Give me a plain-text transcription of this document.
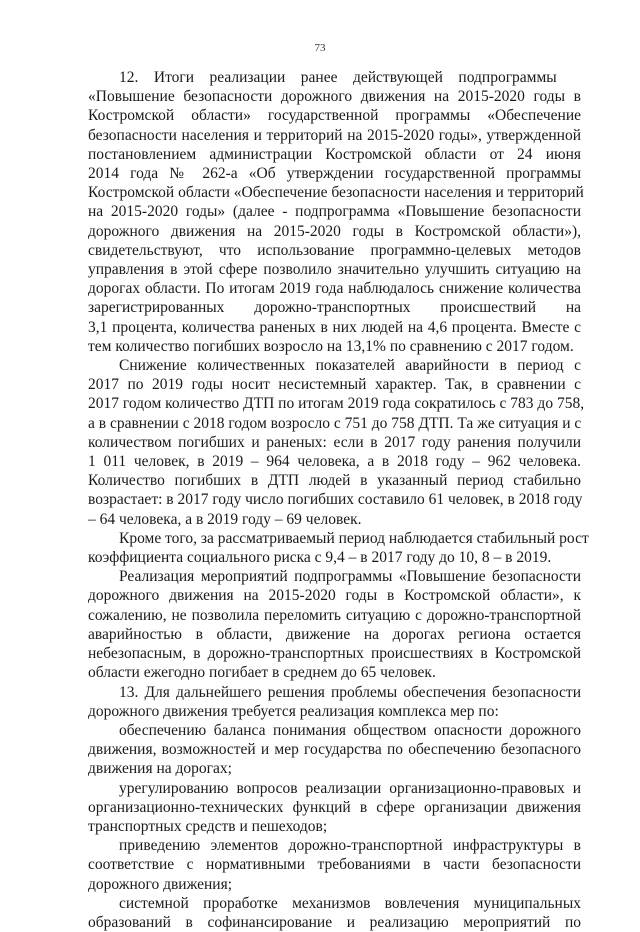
73
12. Итоги реализации ранее действующей подпрограммы
«Повышение безопасности дорожного движения на 2015-2020 годы в
Костромской области» государственной программы «Обеспечение
безопасности населения и территорий на 2015-2020 годы», утвержденной
постановлением администрации Костромской области от 24 июня
2014 года № 262-а «Об утверждении государственной программы
Костромской области «Обеспечение безопасности населения и территорий
на 2015-2020 годы» (далее - подпрограмма «Повышение безопасности
дорожного движения на 2015-2020 годы в Костромской области»),
свидетельствуют, что использование программно-целевых методов
управления в этой сфере позволило значительно улучшить ситуацию на
дорогах области. По итогам 2019 года наблюдалось снижение количества
зарегистрированных дорожно-транспортных происшествий на
3,1 процента, количества раненых в них людей на 4,6 процента. Вместе с
тем количество погибших возросло на 13,1% по сравнению с 2017 годом.
Снижение количественных показателей аварийности в период с
2017 по 2019 годы носит несистемный характер. Так, в сравнении с
2017 годом количество ДТП по итогам 2019 года сократилось с 783 до 758,
а в сравнении с 2018 годом возросло с 751 до 758 ДТП. Та же ситуация и с
количеством погибших и раненых: если в 2017 году ранения получили
1 011 человек, в 2019 – 964 человека, а в 2018 году – 962 человека.
Количество погибших в ДТП людей в указанный период стабильно
возрастает: в 2017 году число погибших составило 61 человек, в 2018 году
– 64 человека, а в 2019 году – 69 человек.
Кроме того, за рассматриваемый период наблюдается стабильный рост
коэффициента социального риска с 9,4 – в 2017 году до 10, 8 – в 2019.
Реализация мероприятий подпрограммы «Повышение безопасности
дорожного движения на 2015-2020 годы в Костромской области», к
сожалению, не позволила переломить ситуацию с дорожно-транспортной
аварийностью в области, движение на дорогах региона остается
небезопасным, в дорожно-транспортных происшествиях в Костромской
области ежегодно погибает в среднем до 65 человек.
13. Для дальнейшего решения проблемы обеспечения безопасности
дорожного движения требуется реализация комплекса мер по:
обеспечению баланса понимания обществом опасности дорожного
движения, возможностей и мер государства по обеспечению безопасного
движения на дорогах;
урегулированию вопросов реализации организационно-правовых и
организационно-технических функций в сфере организации движения
транспортных средств и пешеходов;
приведению элементов дорожно-транспортной инфраструктуры в
соответствие с нормативными требованиями в части безопасности
дорожного движения;
системной проработке механизмов вовлечения муниципальных
образований в софинансирование и реализацию мероприятий по
